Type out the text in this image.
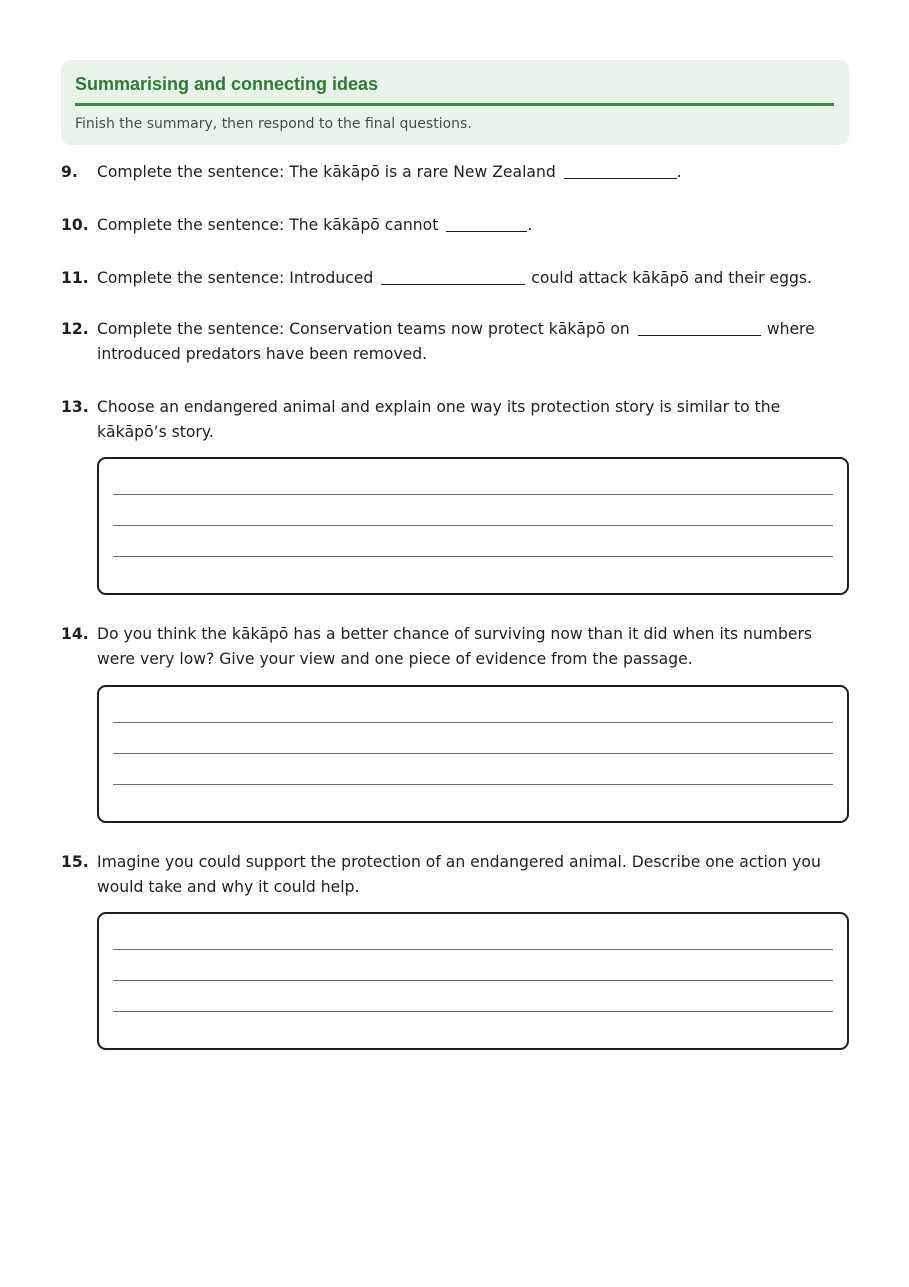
Summarising and connecting ideas
Finish the summary, then respond to the final questions.
9. Complete the sentence: The kākāpō is a rare New Zealand	.
10. Complete the sentence: The kākāpō cannot	.
11. Complete the sentence: Introduced	could attack kākāpō and their eggs.
12. Complete the sentence: Conservation teams now protect kākāpō on	where introduced predators have been removed.
13. Choose an endangered animal and explain one way its protection story is similar to the kākāpō’s story.
14. Do you think the kākāpō has a better chance of surviving now than it did when its numbers were very low? Give your view and one piece of evidence from the passage.
15. Imagine you could support the protection of an endangered animal. Describe one action you would take and why it could help.
